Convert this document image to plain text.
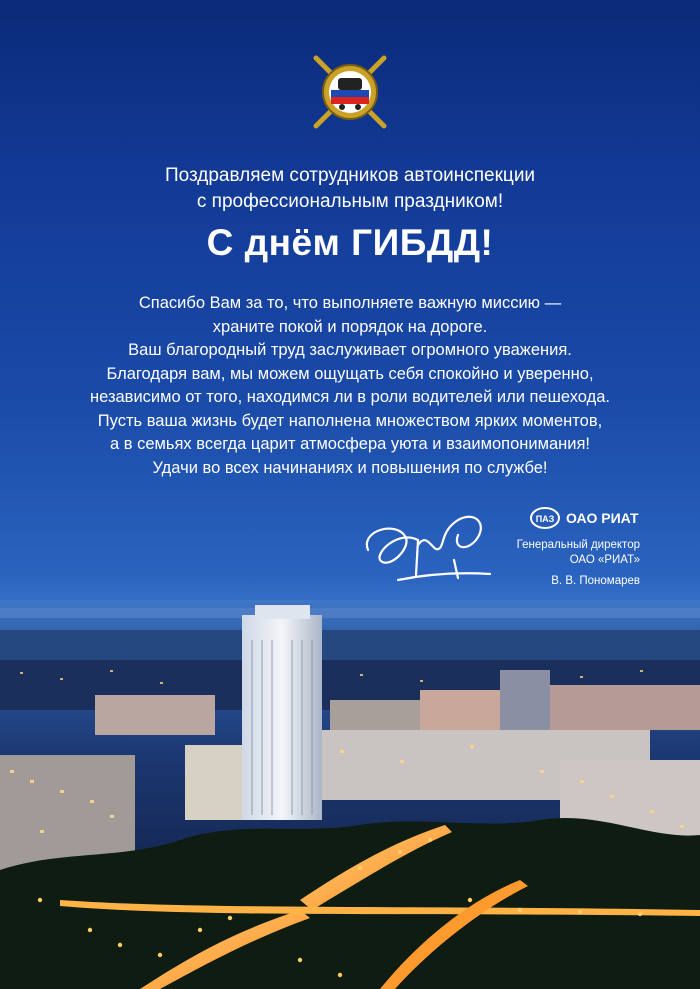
Поздравляем сотрудников автоинспекции
с профессиональным праздником!
С днём ГИБДД!
Спасибо Вам за то, что выполняете важную миссию —
храните покой и порядок на дороге.
Ваш благородный труд заслуживает огромного уважения.
Благодаря вам, мы можем ощущать себя спокойно и уверенно,
независимо от того, находимся ли в роли водителей или пешехода.
Пусть ваша жизнь будет наполнена множеством ярких моментов,
а в семьях всегда царит атмосфера уюта и взаимопонимания!
Удачи во всех начинаниях и повышения по службе!
ПАЗ ОАО РИАТ
Генеральный директор
ОАО «РИАТ»
В. В. Пономарев
